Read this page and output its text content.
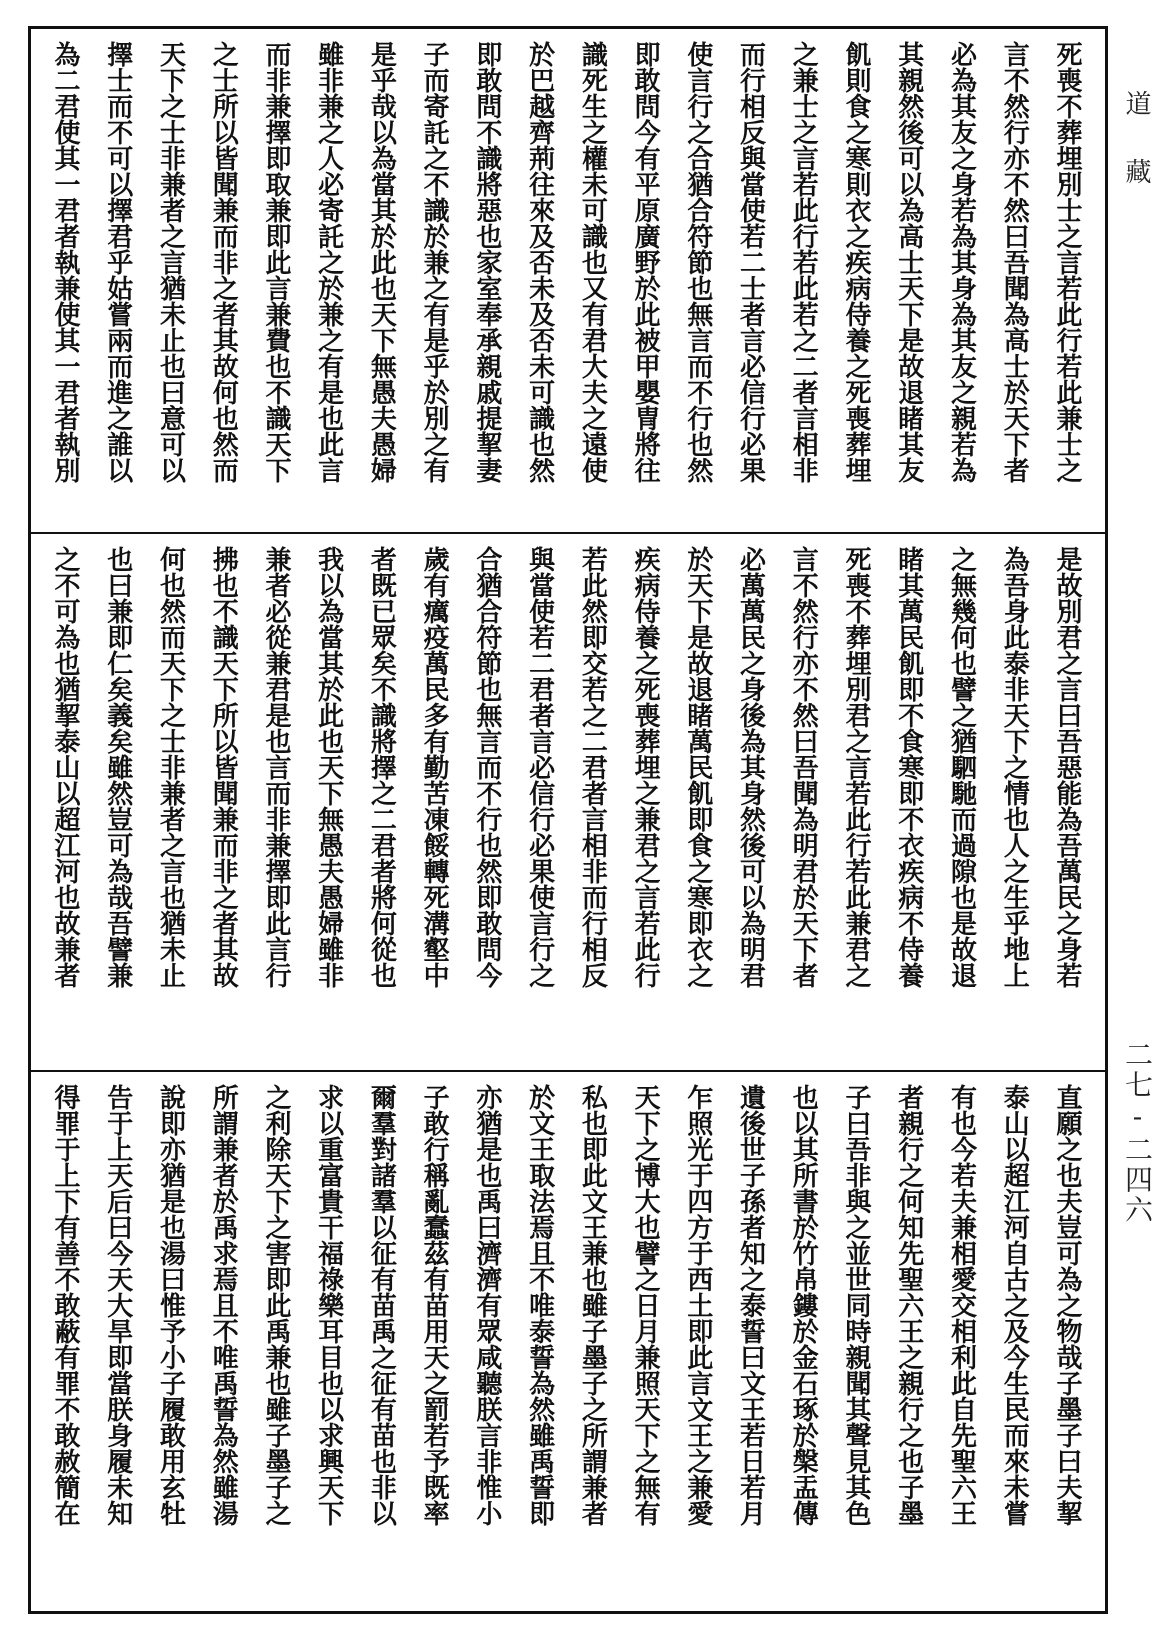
道藏
二七-二四六
死喪不葬埋別士之言若此行若此兼士之
言不然行亦不然曰吾聞為高士於天下者
必為其友之身若為其身為其友之親若為
其親然後可以為高士天下是故退睹其友
飢則食之寒則衣之疾病侍養之死喪葬埋
之兼士之言若此行若此若之二者言相非
而行相反與當使若二士者言必信行必果
使言行之合猶合符節也無言而不行也然
即敢問今有平原廣野於此被甲嬰冑將往
識死生之權未可識也又有君大夫之遠使
於巴越齊荊往來及否未及否未可識也然
即敢問不識將惡也家室奉承親戚提挈妻
子而寄託之不識於兼之有是乎於別之有
是乎哉以為當其於此也天下無愚夫愚婦
雖非兼之人必寄託之於兼之有是也此言
而非兼擇即取兼即此言兼費也不識天下
之士所以皆聞兼而非之者其故何也然而
天下之士非兼者之言猶未止也曰意可以
擇士而不可以擇君乎姑嘗兩而進之誰以
為二君使其一君者執兼使其一君者執別
是故別君之言曰吾惡能為吾萬民之身若
為吾身此泰非天下之情也人之生乎地上
之無幾何也譬之猶駟馳而過隙也是故退
睹其萬民飢即不食寒即不衣疾病不侍養
死喪不葬埋別君之言若此行若此兼君之
言不然行亦不然曰吾聞為明君於天下者
必萬萬民之身後為其身然後可以為明君
於天下是故退睹萬民飢即食之寒即衣之
疾病侍養之死喪葬埋之兼君之言若此行
若此然即交若之二君者言相非而行相反
與當使若二君者言必信行必果使言行之
合猶合符節也無言而不行也然即敢問今
歲有癘疫萬民多有勤苦凍餒轉死溝壑中
者既已眾矣不識將擇之二君者將何從也
我以為當其於此也天下無愚夫愚婦雖非
兼者必從兼君是也言而非兼擇即此言行
拂也不識天下所以皆聞兼而非之者其故
何也然而天下之士非兼者之言也猶未止
也曰兼即仁矣義矣雖然豈可為哉吾譬兼
之不可為也猶挈泰山以超江河也故兼者
直願之也夫豈可為之物哉子墨子曰夫挈
泰山以超江河自古之及今生民而來未嘗
有也今若夫兼相愛交相利此自先聖六王
者親行之何知先聖六王之親行之也子墨
子曰吾非與之並世同時親聞其聲見其色
也以其所書於竹帛鏤於金石琢於槃盂傳
遺後世子孫者知之泰誓曰文王若日若月
乍照光于四方于西土即此言文王之兼愛
天下之博大也譬之日月兼照天下之無有
私也即此文王兼也雖子墨子之所謂兼者
於文王取法焉且不唯泰誓為然雖禹誓即
亦猶是也禹曰濟濟有眾咸聽朕言非惟小
子敢行稱亂蠢茲有苗用天之罰若予既率
爾羣對諸羣以征有苗禹之征有苗也非以
求以重富貴干福祿樂耳目也以求興天下
之利除天下之害即此禹兼也雖子墨子之
所謂兼者於禹求焉且不唯禹誓為然雖湯
說即亦猶是也湯曰惟予小子履敢用玄牡
告于上天后曰今天大旱即當朕身履未知
得罪于上下有善不敢蔽有罪不敢赦簡在
